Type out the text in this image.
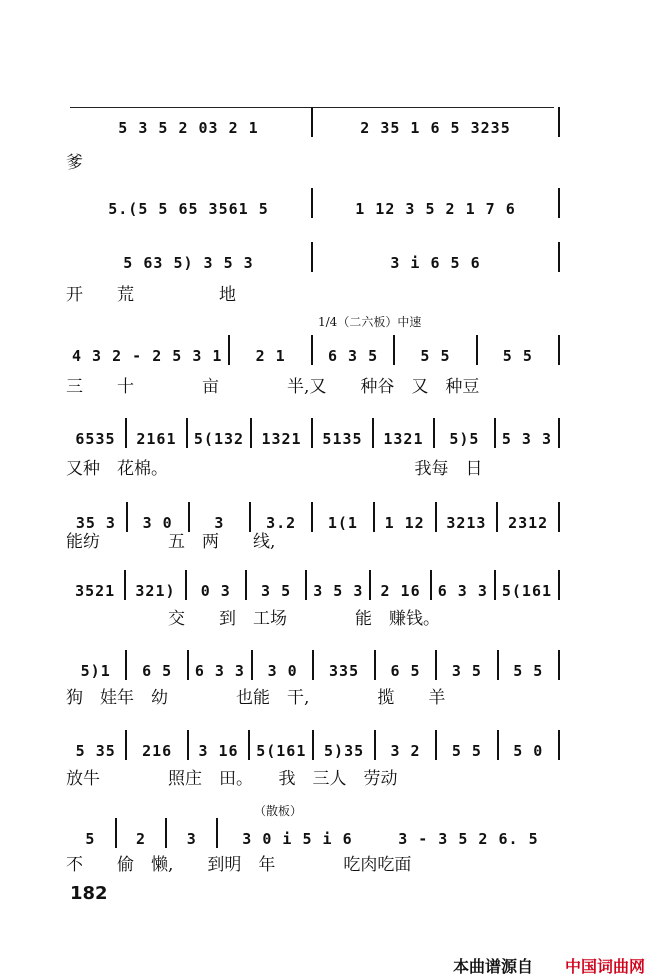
5 3 5 2 03 2 1	2 35 1 6 5 3235
爹
5.(5 5 65 3561 5	1 12 3 5 2 1 7 6
5 63 5) 3 5 3	3 i 6 5 6
开　　荒　　　　　地
1/4（二六板）中速
4 3 2 - 2 5 3 1	2 1	6 3 5	5 5	5 5
三　　十　　　　亩　　　　半,又　　种谷　又　种豆
6535	2161	5(132	1321	5135	1321	5)5	5 3 3
又种　花棉。　　　　　　　　　　　　　　　我每　日
35 3	3 0	3	3.2	1(1	1 12	3213	2312
能纺　　　　五　两　　线,
3521	321)	0 3	3 5	3 5 3	2 16	6 3 3 5(161
　　　　　　交　　到　工场　　　　能　赚钱。
5)1	6 5	6 3 3	3 0	335	6 5	3 5	5 5
狗　娃年　幼　　　　也能　干,　　　　揽　　羊
5 35	216	3 16	5(161	5)35	3 2	5 5	5 0
放牛　　　　照庄　田。　　我　三人　劳动
（散板）
5	2	3	3 0 i 5 i 6	3 - 3 5 2 6. 5
不　　偷　懒,　　到明　年　　　　吃肉吃面
182
本曲谱源自 中国词曲网
